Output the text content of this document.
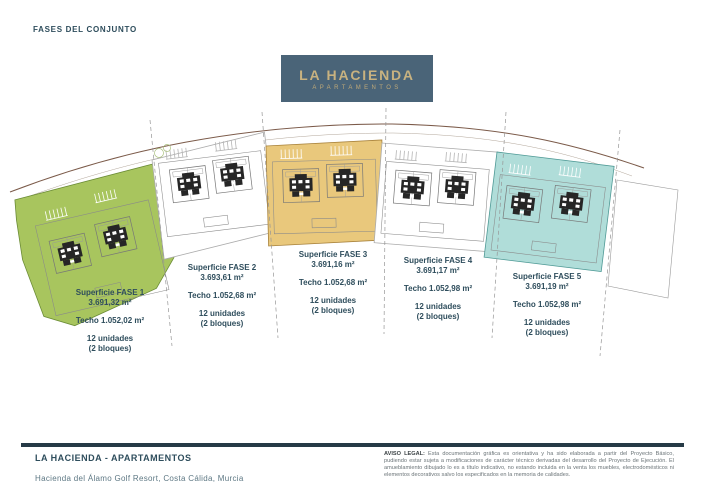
FASES DEL CONJUNTO
LA HACIENDA
APARTAMENTOS
Superficie FASE 1
3.691,32 m²
Techo 1.052,02 m²
12 unidades
(2 bloques)
Superficie FASE 2
3.693,61 m²
Techo 1.052,68 m²
12 unidades
(2 bloques)
Superficie FASE 3
3.691,16 m²
Techo 1.052,68 m²
12 unidades
(2 bloques)
Superficie FASE 4
3.691,17 m²
Techo 1.052,98 m²
12 unidades
(2 bloques)
Superficie FASE 5
3.691,19 m²
Techo 1.052,98 m²
12 unidades
(2 bloques)
LA HACIENDA - APARTAMENTOS
Hacienda del Álamo Golf Resort, Costa Cálida, Murcia
AVISO LEGAL: Esta documentación gráfica es orientativa y ha sido elaborada a partir del Proyecto Básico, pudiendo estar sujeta a modificaciones de carácter técnico derivadas del desarrollo del Proyecto de Ejecución. El amueblamiento dibujado lo es a título indicativo, no estando incluida en la venta los muebles, electrodomésticos ni elementos decorativos salvo los especificados en la memoria de calidades.
